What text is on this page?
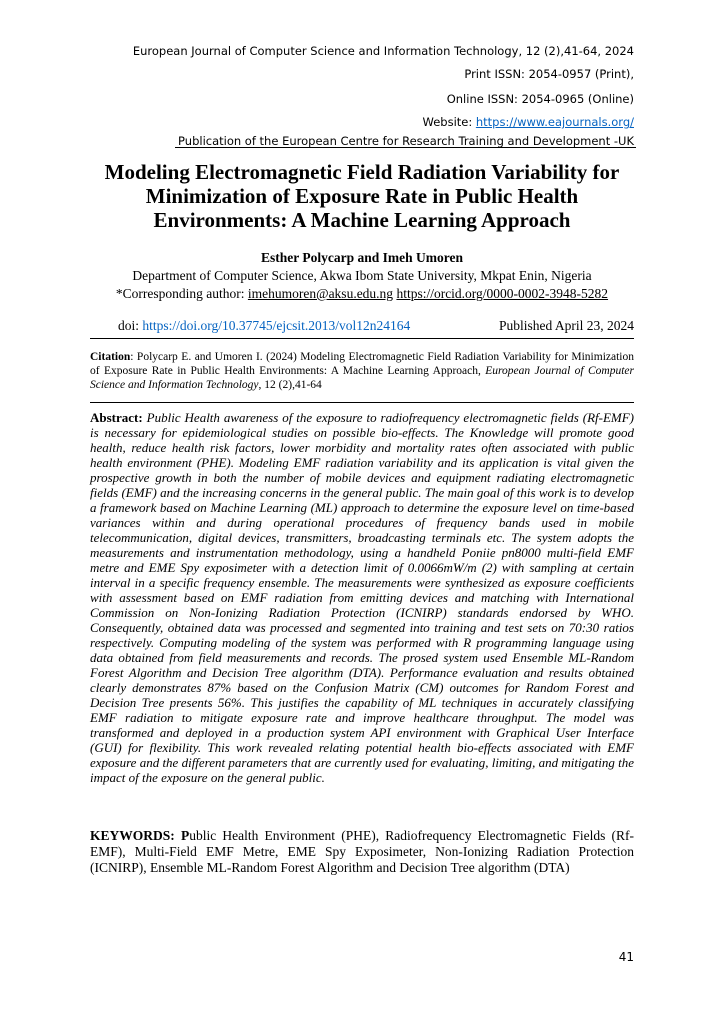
European Journal of Computer Science and Information Technology, 12 (2),41-64, 2024
Print ISSN: 2054-0957 (Print),
Online ISSN: 2054-0965 (Online)
Website: https://www.eajournals.org/
Publication of the European Centre for Research Training and Development -UK
Modeling Electromagnetic Field Radiation Variability for Minimization of Exposure Rate in Public Health Environments: A Machine Learning Approach
Esther Polycarp and Imeh Umoren
Department of Computer Science, Akwa Ibom State University, Mkpat Enin, Nigeria
*Corresponding author: imehumoren@aksu.edu.ng https://orcid.org/0000-0002-3948-5282
doi: https://doi.org/10.37745/ejcsit.2013/vol12n24164	Published April 23, 2024
Citation: Polycarp E. and Umoren I. (2024) Modeling Electromagnetic Field Radiation Variability for Minimization of Exposure Rate in Public Health Environments: A Machine Learning Approach, European Journal of Computer Science and Information Technology, 12 (2),41-64
Abstract: Public Health awareness of the exposure to radiofrequency electromagnetic fields (Rf-EMF) is necessary for epidemiological studies on possible bio-effects. The Knowledge will promote good health, reduce health risk factors, lower morbidity and mortality rates often associated with public health environment (PHE). Modeling EMF radiation variability and its application is vital given the prospective growth in both the number of mobile devices and equipment radiating electromagnetic fields (EMF) and the increasing concerns in the general public. The main goal of this work is to develop a framework based on Machine Learning (ML) approach to determine the exposure level on time-based variances within and during operational procedures of frequency bands used in mobile telecommunication, digital devices, transmitters, broadcasting terminals etc. The system adopts the measurements and instrumentation methodology, using a handheld Poniie pn8000 multi-field EMF metre and EME Spy exposimeter with a detection limit of 0.0066mW/m (2) with sampling at certain interval in a specific frequency ensemble. The measurements were synthesized as exposure coefficients with assessment based on EMF radiation from emitting devices and matching with International Commission on Non-Ionizing Radiation Protection (ICNIRP) standards endorsed by WHO. Consequently, obtained data was processed and segmented into training and test sets on 70:30 ratios respectively. Computing modeling of the system was performed with R programming language using data obtained from field measurements and records. The prosed system used Ensemble ML-Random Forest Algorithm and Decision Tree algorithm (DTA). Performance evaluation and results obtained clearly demonstrates 87% based on the Confusion Matrix (CM) outcomes for Random Forest and Decision Tree presents 56%. This justifies the capability of ML techniques in accurately classifying EMF radiation to mitigate exposure rate and improve healthcare throughput. The model was transformed and deployed in a production system API environment with Graphical User Interface (GUI) for flexibility. This work revealed relating potential health bio-effects associated with EMF exposure and the different parameters that are currently used for evaluating, limiting, and mitigating the impact of the exposure on the general public.
KEYWORDS: Public Health Environment (PHE), Radiofrequency Electromagnetic Fields (Rf-EMF), Multi-Field EMF Metre, EME Spy Exposimeter, Non-Ionizing Radiation Protection (ICNIRP), Ensemble ML-Random Forest Algorithm and Decision Tree algorithm (DTA)
41
